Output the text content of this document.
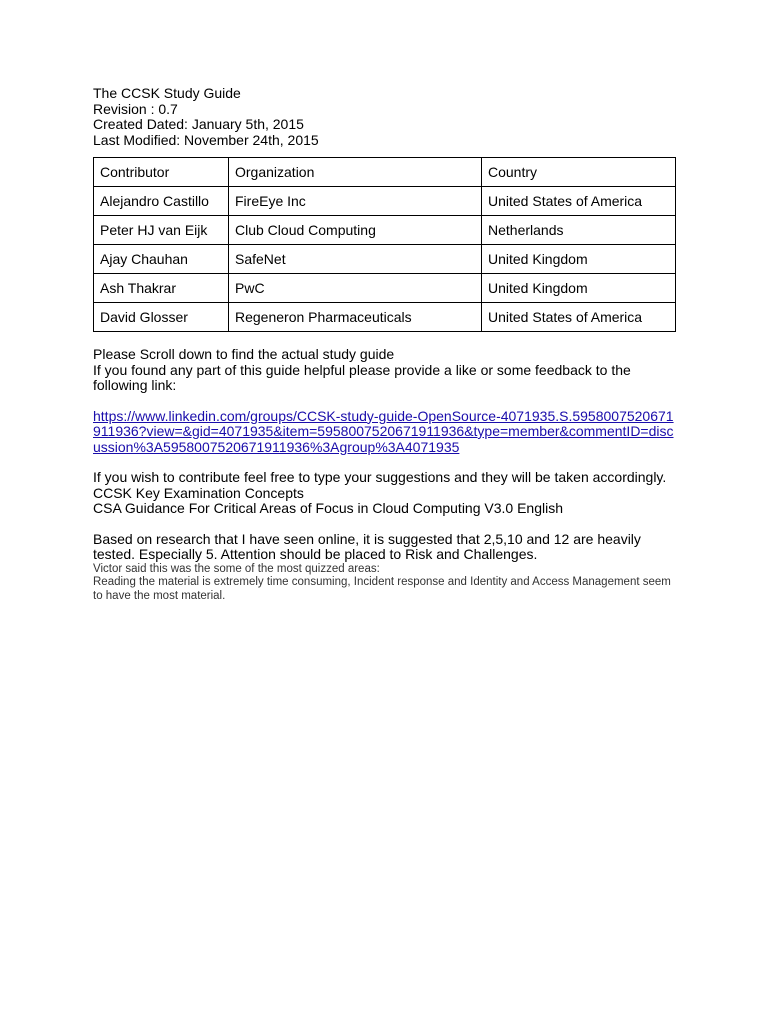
The CCSK Study Guide
Revision : 0.7
Created Dated: January 5th, 2015
Last Modified: November 24th, 2015
Contributor	Organization	Country
Alejandro Castillo	FireEye Inc	United States of America
Peter HJ van Eijk	Club Cloud Computing	Netherlands
Ajay Chauhan	SafeNet	United Kingdom
Ash Thakrar	PwC	United Kingdom
David Glosser	Regeneron Pharmaceuticals	United States of America
Please Scroll down to find the actual study guide
If you found any part of this guide helpful please provide a like or some feedback to the following link:
https://www.linkedin.com/groups/CCSK-study-guide-OpenSource-4071935.S.5958007520671911936?view=&gid=4071935&item=5958007520671911936&type=member&commentID=discussion%3A5958007520671911936%3Agroup%3A4071935
If you wish to contribute feel free to type your suggestions and they will be taken accordingly.
CCSK Key Examination Concepts
CSA Guidance For Critical Areas of Focus in Cloud Computing V3.0 English
Based on research that I have seen online, it is suggested that 2,5,10 and 12 are heavily tested. Especially 5. Attention should be placed to Risk and Challenges.
Victor said this was the some of the most quizzed areas:
Reading the material is extremely time consuming, Incident response and Identity and Access Management seem to have the most material.
